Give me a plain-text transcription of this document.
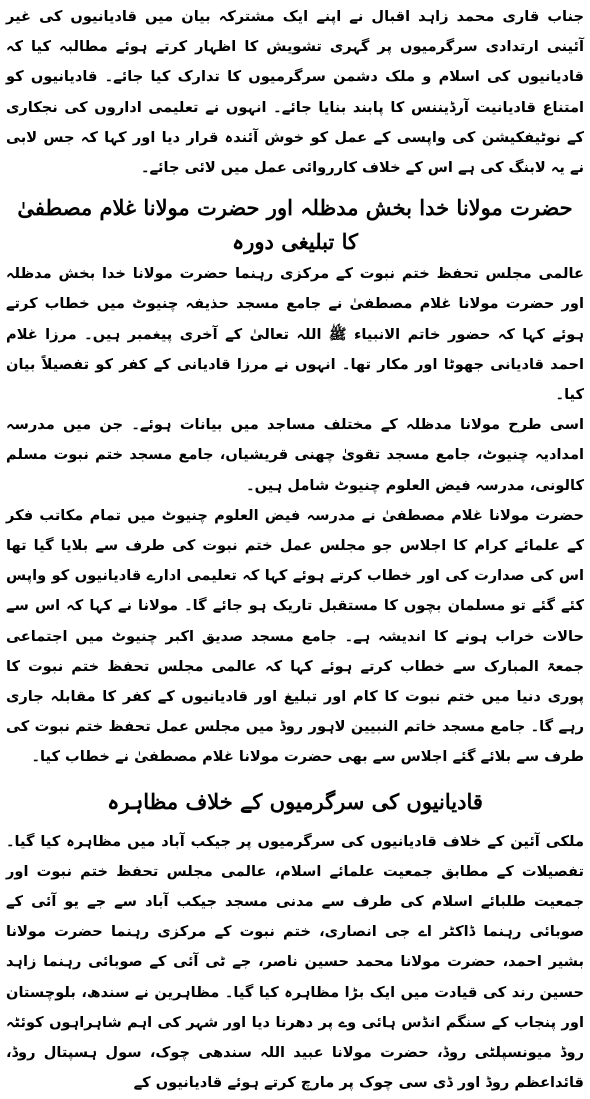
جناب قاری محمد زاہد اقبال نے اپنے ایک مشترکہ بیان میں قادیانیوں کی غیر آئینی ارتدادی سرگرمیوں پر گہری تشویش کا اظہار کرتے ہوئے مطالبہ کیا کہ قادیانیوں کی اسلام و ملک دشمن سرگرمیوں کا تدارک کیا جائے۔ قادیانیوں کو امتناع قادیانیت آرڈیننس کا پابند بنایا جائے۔ انہوں نے تعلیمی اداروں کی نجکاری کے نوٹیفکیشن کی واپسی کے عمل کو خوش آئندہ قرار دیا اور کہا کہ جس لابی نے یہ لابنگ کی ہے اس کے خلاف کارروائی عمل میں لائی جائے۔

حضرت مولانا خدا بخش مدظلہ اور حضرت مولانا غلام مصطفیٰ کا تبلیغی دورہ

عالمی مجلس تحفظ ختم نبوت کے مرکزی رہنما حضرت مولانا خدا بخش مدظلہ اور حضرت مولانا غلام مصطفیٰ نے جامع مسجد حذیفہ چنیوٹ میں خطاب کرتے ہوئے کہا کہ حضور خاتم الانبیاء ﷺ اللہ تعالیٰ کے آخری پیغمبر ہیں۔ مرزا غلام احمد قادیانی جھوٹا اور مکار تھا۔ انہوں نے مرزا قادیانی کے کفر کو تفصیلاً بیان کیا۔

اسی طرح مولانا مدظلہ کے مختلف مساجد میں بیانات ہوئے۔ جن میں مدرسہ امدادیہ چنیوٹ، جامع مسجد تقویٰ چھنی قریشیاں، جامع مسجد ختم نبوت مسلم کالونی، مدرسہ فیض العلوم چنیوٹ شامل ہیں۔

حضرت مولانا غلام مصطفیٰ نے مدرسہ فیض العلوم چنیوٹ میں تمام مکاتب فکر کے علمائے کرام کا اجلاس جو مجلس عمل ختم نبوت کی طرف سے بلایا گیا تھا اس کی صدارت کی اور خطاب کرتے ہوئے کہا کہ تعلیمی ادارے قادیانیوں کو واپس کئے گئے تو مسلمان بچوں کا مستقبل تاریک ہو جائے گا۔ مولانا نے کہا کہ اس سے حالات خراب ہونے کا اندیشہ ہے۔ جامع مسجد صدیق اکبر چنیوٹ میں اجتماعی جمعۃ المبارک سے خطاب کرتے ہوئے کہا کہ عالمی مجلس تحفظ ختم نبوت کا پوری دنیا میں ختم نبوت کا کام اور تبلیغ اور قادیانیوں کے کفر کا مقابلہ جاری رہے گا۔ جامع مسجد خاتم النبیین لاہور روڈ میں مجلس عمل تحفظ ختم نبوت کی طرف سے بلائے گئے اجلاس سے بھی حضرت مولانا غلام مصطفیٰ نے خطاب کیا۔

قادیانیوں کی سرگرمیوں کے خلاف مظاہرہ

ملکی آئین کے خلاف قادیانیوں کی سرگرمیوں پر جیکب آباد میں مظاہرہ کیا گیا۔ تفصیلات کے مطابق جمعیت علمائے اسلام، عالمی مجلس تحفظ ختم نبوت اور جمعیت طلبائے اسلام کی طرف سے مدنی مسجد جیکب آباد سے جے یو آئی کے صوبائی رہنما ڈاکٹر اے جی انصاری، ختم نبوت کے مرکزی رہنما حضرت مولانا بشیر احمد، حضرت مولانا محمد حسین ناصر، جے ٹی آئی کے صوبائی رہنما زاہد حسین رند کی قیادت میں ایک بڑا مظاہرہ کیا گیا۔ مظاہرین نے سندھ، بلوچستان اور پنجاب کے سنگم انڈس ہائی وے پر دھرنا دیا اور شہر کی اہم شاہراہوں کوئٹہ روڈ میونسپلٹی روڈ، حضرت مولانا عبید اللہ سندھی چوک، سول ہسپتال روڈ، قائداعظم روڈ اور ڈی سی چوک پر مارچ کرتے ہوئے قادیانیوں کے
